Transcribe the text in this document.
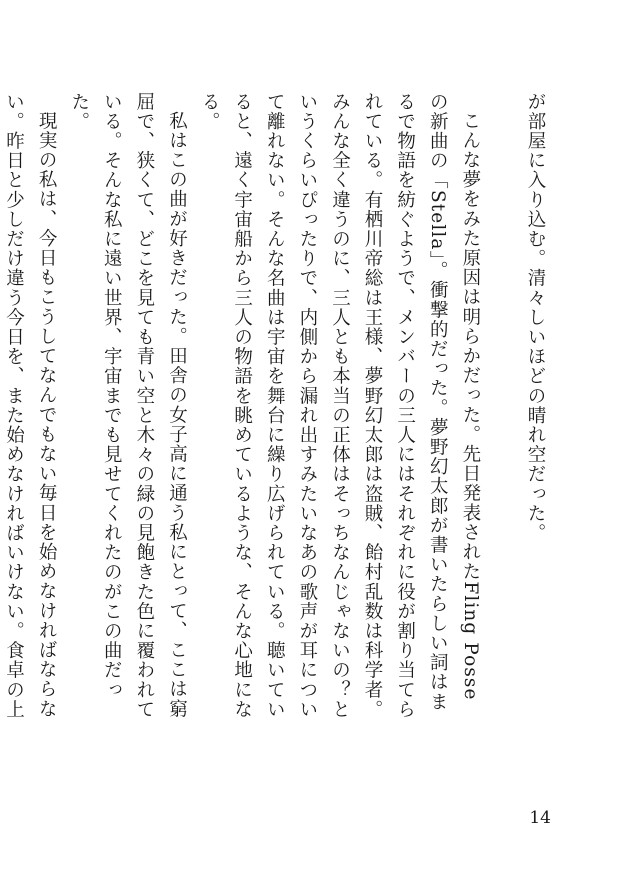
が部屋に入り込む。清々しいほどの晴れ空だった。

こんな夢をみた原因は明らかだった。先日発表されたFling Posse の新曲の「Stella」。衝撃的だった。夢野幻太郎が書いたらしい詞はまるで物語を紡ぐようで、メンバーの三人にはそれぞれに役が割り当てられている。有栖川帝総は王様、夢野幻太郎は盗賊、飴村乱数は科学者。みんな全く違うのに、三人とも本当の正体はそっちなんじゃないの？というくらいぴったりで、内側から漏れ出すみたいなあの歌声が耳について離れない。そんな名曲は宇宙を舞台に繰り広げられている。聴いていると、遠く宇宙船から三人の物語を眺めているような、そんな心地になる。

私はこの曲が好きだった。田舎の女子高に通う私にとって、ここは窮屈で、狭くて、どこを見ても青い空と木々の緑の見飽きた色に覆われている。そんな私に遠い世界、宇宙までも見せてくれたのがこの曲だった。

現実の私は、今日もこうしてなんでもない毎日を始めなければならない。昨日と少しだけ違う今日を、また始めなければいけない。食卓の上

14
